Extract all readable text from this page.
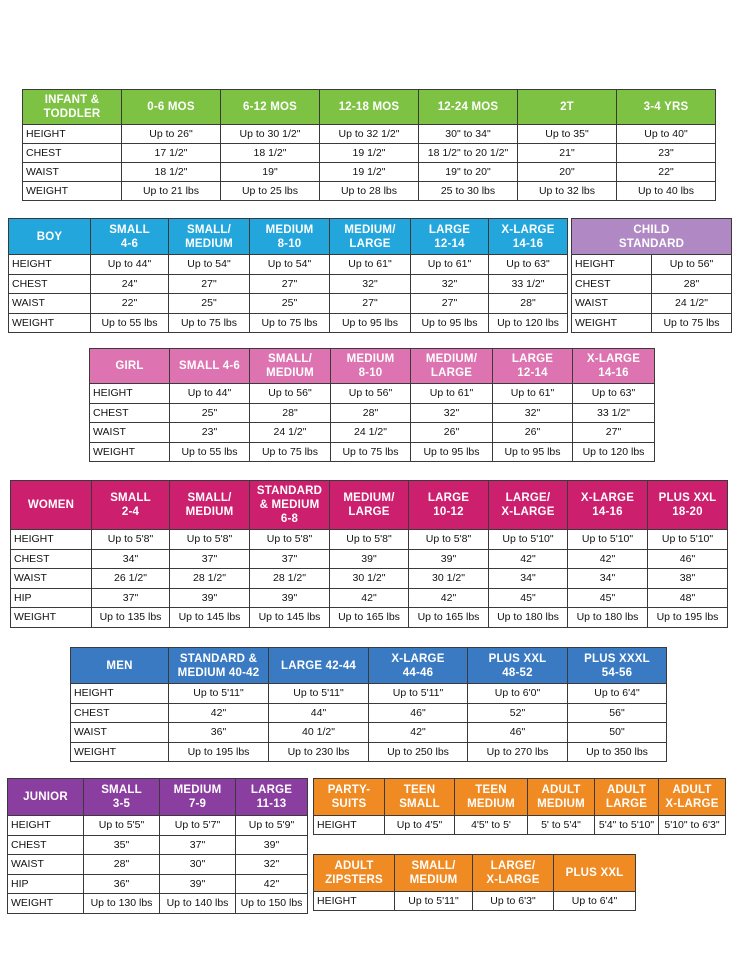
INFANT &
TODDLER	0-6 MOS	6-12 MOS	12-18 MOS	12-24 MOS	2T	3-4 YRS
HEIGHT	Up to 26"	Up to 30 1/2"	Up to 32 1/2"	30" to 34"	Up to 35"	Up to 40"
CHEST	17 1/2"	18 1/2"	19 1/2"	18 1/2" to 20 1/2"	21"	23"
WAIST	18 1/2"	19"	19 1/2"	19" to 20"	20"	22"
WEIGHT	Up to 21 lbs	Up to 25 lbs	Up to 28 lbs	25 to 30 lbs	Up to 32 lbs	Up to 40 lbs
BOY	SMALL
4-6	SMALL/
MEDIUM	MEDIUM
8-10	MEDIUM/
LARGE	LARGE
12-14	X-LARGE
14-16
HEIGHT	Up to 44"	Up to 54"	Up to 54"	Up to 61"	Up to 61"	Up to 63"
CHEST	24"	27"	27"	32"	32"	33 1/2"
WAIST	22"	25"	25"	27"	27"	28"
WEIGHT	Up to 55 lbs	Up to 75 lbs	Up to 75 lbs	Up to 95 lbs	Up to 95 lbs	Up to 120 lbs
CHILD
STANDARD	
HEIGHT	Up to 56"
CHEST	28"
WAIST	24 1/2"
WEIGHT	Up to 75 lbs
GIRL	SMALL 4-6	SMALL/
MEDIUM	MEDIUM
8-10	MEDIUM/
LARGE	LARGE
12-14	X-LARGE
14-16
HEIGHT	Up to 44"	Up to 56"	Up to 56"	Up to 61"	Up to 61"	Up to 63"
CHEST	25"	28"	28"	32"	32"	33 1/2"
WAIST	23"	24 1/2"	24 1/2"	26"	26"	27"
WEIGHT	Up to 55 lbs	Up to 75 lbs	Up to 75 lbs	Up to 95 lbs	Up to 95 lbs	Up to 120 lbs
WOMEN	SMALL
2-4	SMALL/
MEDIUM	STANDARD
& MEDIUM
6-8	MEDIUM/
LARGE	LARGE
10-12	LARGE/
X-LARGE	X-LARGE
14-16	PLUS XXL
18-20
HEIGHT	Up to 5'8"	Up to 5'8"	Up to 5'8"	Up to 5'8"	Up to 5'8"	Up to 5'10"	Up to 5'10"	Up to 5'10"
CHEST	34"	37"	37"	39"	39"	42"	42"	46"
WAIST	26 1/2"	28 1/2"	28 1/2"	30 1/2"	30 1/2"	34"	34"	38"
HIP	37"	39"	39"	42"	42"	45"	45"	48"
WEIGHT	Up to 135 lbs	Up to 145 lbs	Up to 145 lbs	Up to 165 lbs	Up to 165 lbs	Up to 180 lbs	Up to 180 lbs	Up to 195 lbs
MEN	STANDARD &
MEDIUM 40-42	LARGE 42-44	X-LARGE
44-46	PLUS XXL
48-52	PLUS XXXL
54-56
HEIGHT	Up to 5'11"	Up to 5'11"	Up to 5'11"	Up to 6'0"	Up to 6'4"
CHEST	42"	44"	46"	52"	56"
WAIST	36"	40 1/2"	42"	46"	50"
WEIGHT	Up to 195 lbs	Up to 230 lbs	Up to 250 lbs	Up to 270 lbs	Up to 350 lbs
JUNIOR	SMALL
3-5	MEDIUM
7-9	LARGE
11-13
HEIGHT	Up to 5'5"	Up to 5'7"	Up to 5'9"
CHEST	35"	37"	39"
WAIST	28"	30"	32"
HIP	36"	39"	42"
WEIGHT	Up to 130 lbs	Up to 140 lbs	Up to 150 lbs
PARTY-
SUITS	TEEN
SMALL	TEEN
MEDIUM	ADULT
MEDIUM	ADULT
LARGE	ADULT
X-LARGE
HEIGHT	Up to 4'5"	4'5" to 5'	5' to 5'4"	5'4" to 5'10"	5'10" to 6'3"
ADULT
ZIPSTERS	SMALL/
MEDIUM	LARGE/
X-LARGE	PLUS XXL
HEIGHT	Up to 5'11"	Up to 6'3"	Up to 6'4"
